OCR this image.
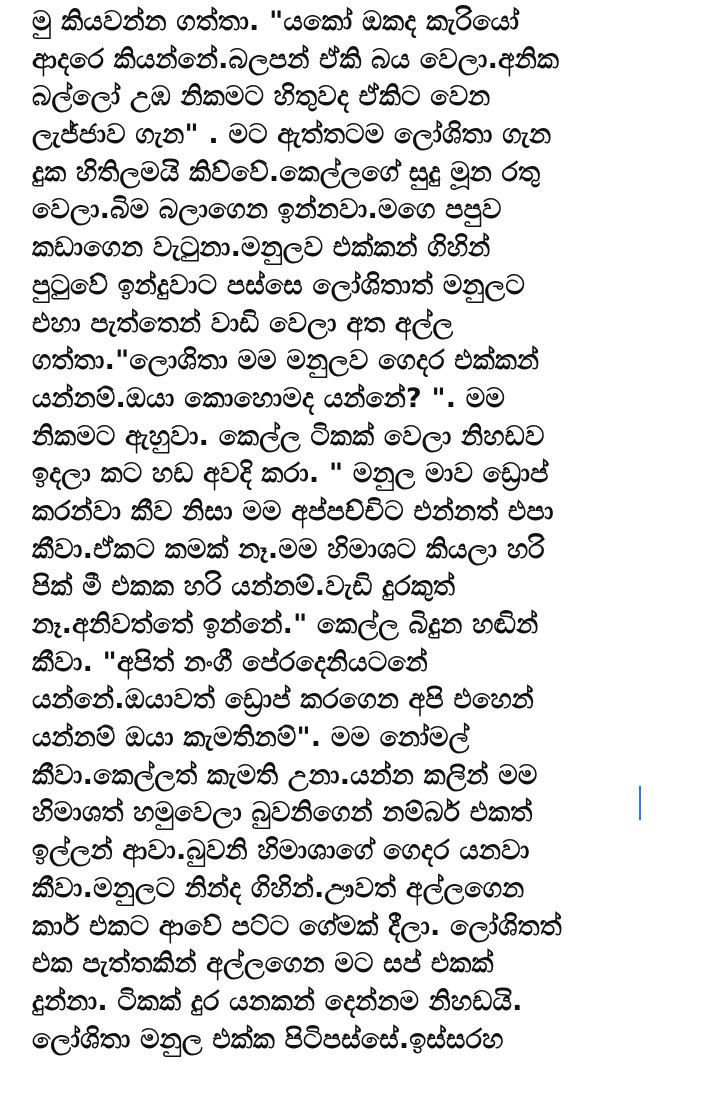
මු කියවන්න ගත්තා. "යකෝ ඔකද කැරියෝ
ආදරෙ කියන්නේ.බලපන් ඒකි බය වෙලා.අනික
බල්ලෝ උඹ නිකමට හිතුවද ඒකිට වෙන
ලැජ්ජාව ගැන" . මට ඇත්තටම ලෝශිතා ගැන
දුක හිතිලමයි කිව්වේ.කෙල්ලගේ සුදු මූන රතු
වෙලා.බිම බලාගෙන ඉන්නවා.මගෙ පපුව
කඩාගෙන වැටුනා.මනුලව එක්කන් ගිහින්
පුටුවේ ඉන්දුවාට පස්සෙ ලෝශිතාත් මනුලට
එහා පැත්තෙන් වාඩි වෙලා අත අල්ල
ගත්තා."ලොශිතා මම මනුලව ගෙදර එක්කන්
යන්නම්.ඔයා කොහොමද යන්නේ? ". මම
නිකමට ඇහුවා. කෙල්ල ටිකක් වෙලා නිහඩව
ඉදලා කට හඩ අවදි කරා. " මනුල මාව ඩ්‍රොප්
කරන්වා කීව නිසා මම අප්පච්චිට එන්නත් එපා
කීවා.ඒකට කමක් නෑ.මම හිමාශට කියලා හරි
පික් මී එකක හරි යන්නම්.වැඩි දුරකුත්
නෑ.අනිවත්තේ ඉන්නේ." කෙල්ල බිදුන හඬින්
කීවා. "අපිත් නංගී පේරදෙනියටනේ
යන්නේ.ඔයාවත් ඩ්‍රොප් කරගෙන අපි එහෙන්
යන්නම් ඔයා කැමතිනම්". මම නෝමල්
කීවා.කෙල්ලත් කැමති උනා.යන්න කලින් මම
හිමාශත් හමුවෙලා බුවනිගෙන් නම්බර් එකත්
ඉල්ලන් ආවා.බුවනි හිමාශාගේ ගෙදර යනවා
කීවා.මනුලට නින්ද ගිහින්.ඌවත් අල්ලගෙන
කාර් එකට ආවේ පට්ට ගේමක් දීලා. ලෝශිතත්
එක පැත්තකින් අල්ලගෙන මට සප් එකක්
දුන්නා. ටිකක් දුර යනකන් දෙන්නම නිහඩයි.
ලෝශිතා මනුල එක්ක පිටිපස්සේ.ඉස්සරහ
